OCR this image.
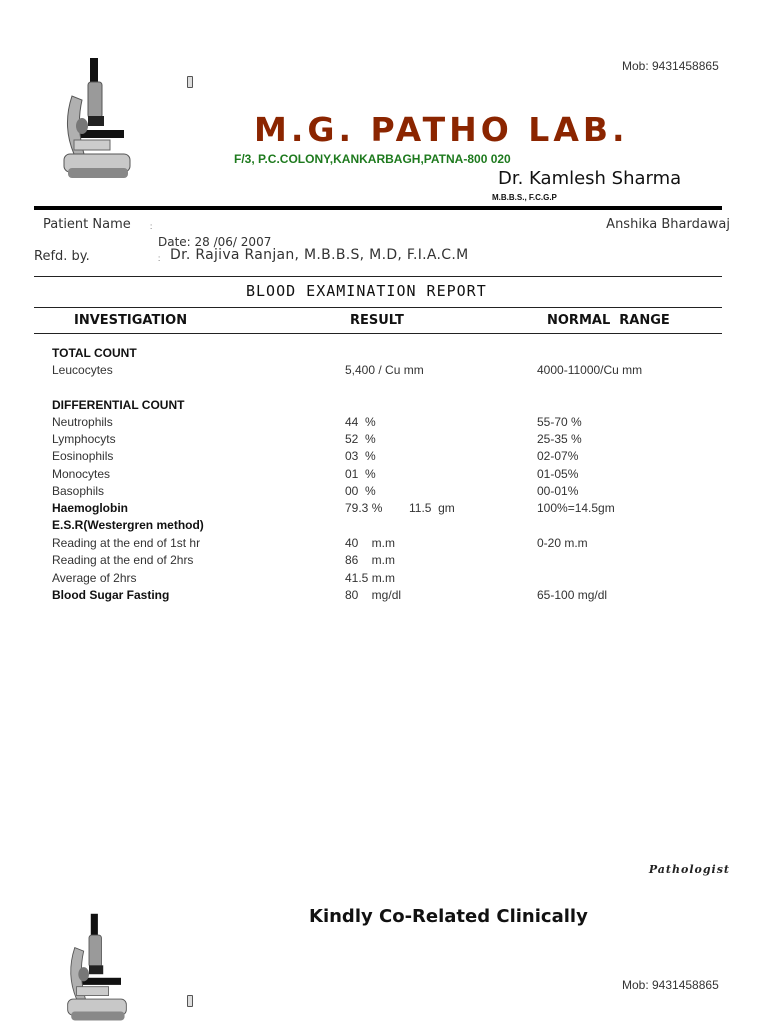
Mob: 9431458865
M.G. PATHO LAB.
F/3, P.C.COLONY,KANKARBAGH,PATNA-800 020
Dr. Kamlesh Sharma
M.B.B.S., F.C.G.P
Patient Name :	Anshika Bhardawaj
Date: 28 /06/ 2007
Refd. by.	: Dr. Rajiva Ranjan, M.B.B.S, M.D, F.I.A.C.M
BLOOD EXAMINATION REPORT
INVESTIGATION	RESULT	NORMAL  RANGE
TOTAL COUNT
Leucocytes	5,400 / Cu mm	4000-11000/Cu mm
DIFFERENTIAL COUNT
Neutrophils	44  %	55-70 %
Lymphocyts	52  %	25-35 %
Eosinophils	03  %	02-07%
Monocytes	01  %	01-05%
Basophils	00  %	00-01%
Haemoglobin	79.3 % 11.5  gm	100%=14.5gm
E.S.R(Westergren method)
Reading at the end of 1st hr	40    m.m	0-20 m.m
Reading at the end of 2hrs	86    m.m
Average of 2hrs	41.5 m.m
Blood Sugar Fasting	80    mg/dl	65-100 mg/dl
Pathologist
Kindly Co-Related Clinically
Mob: 9431458865
